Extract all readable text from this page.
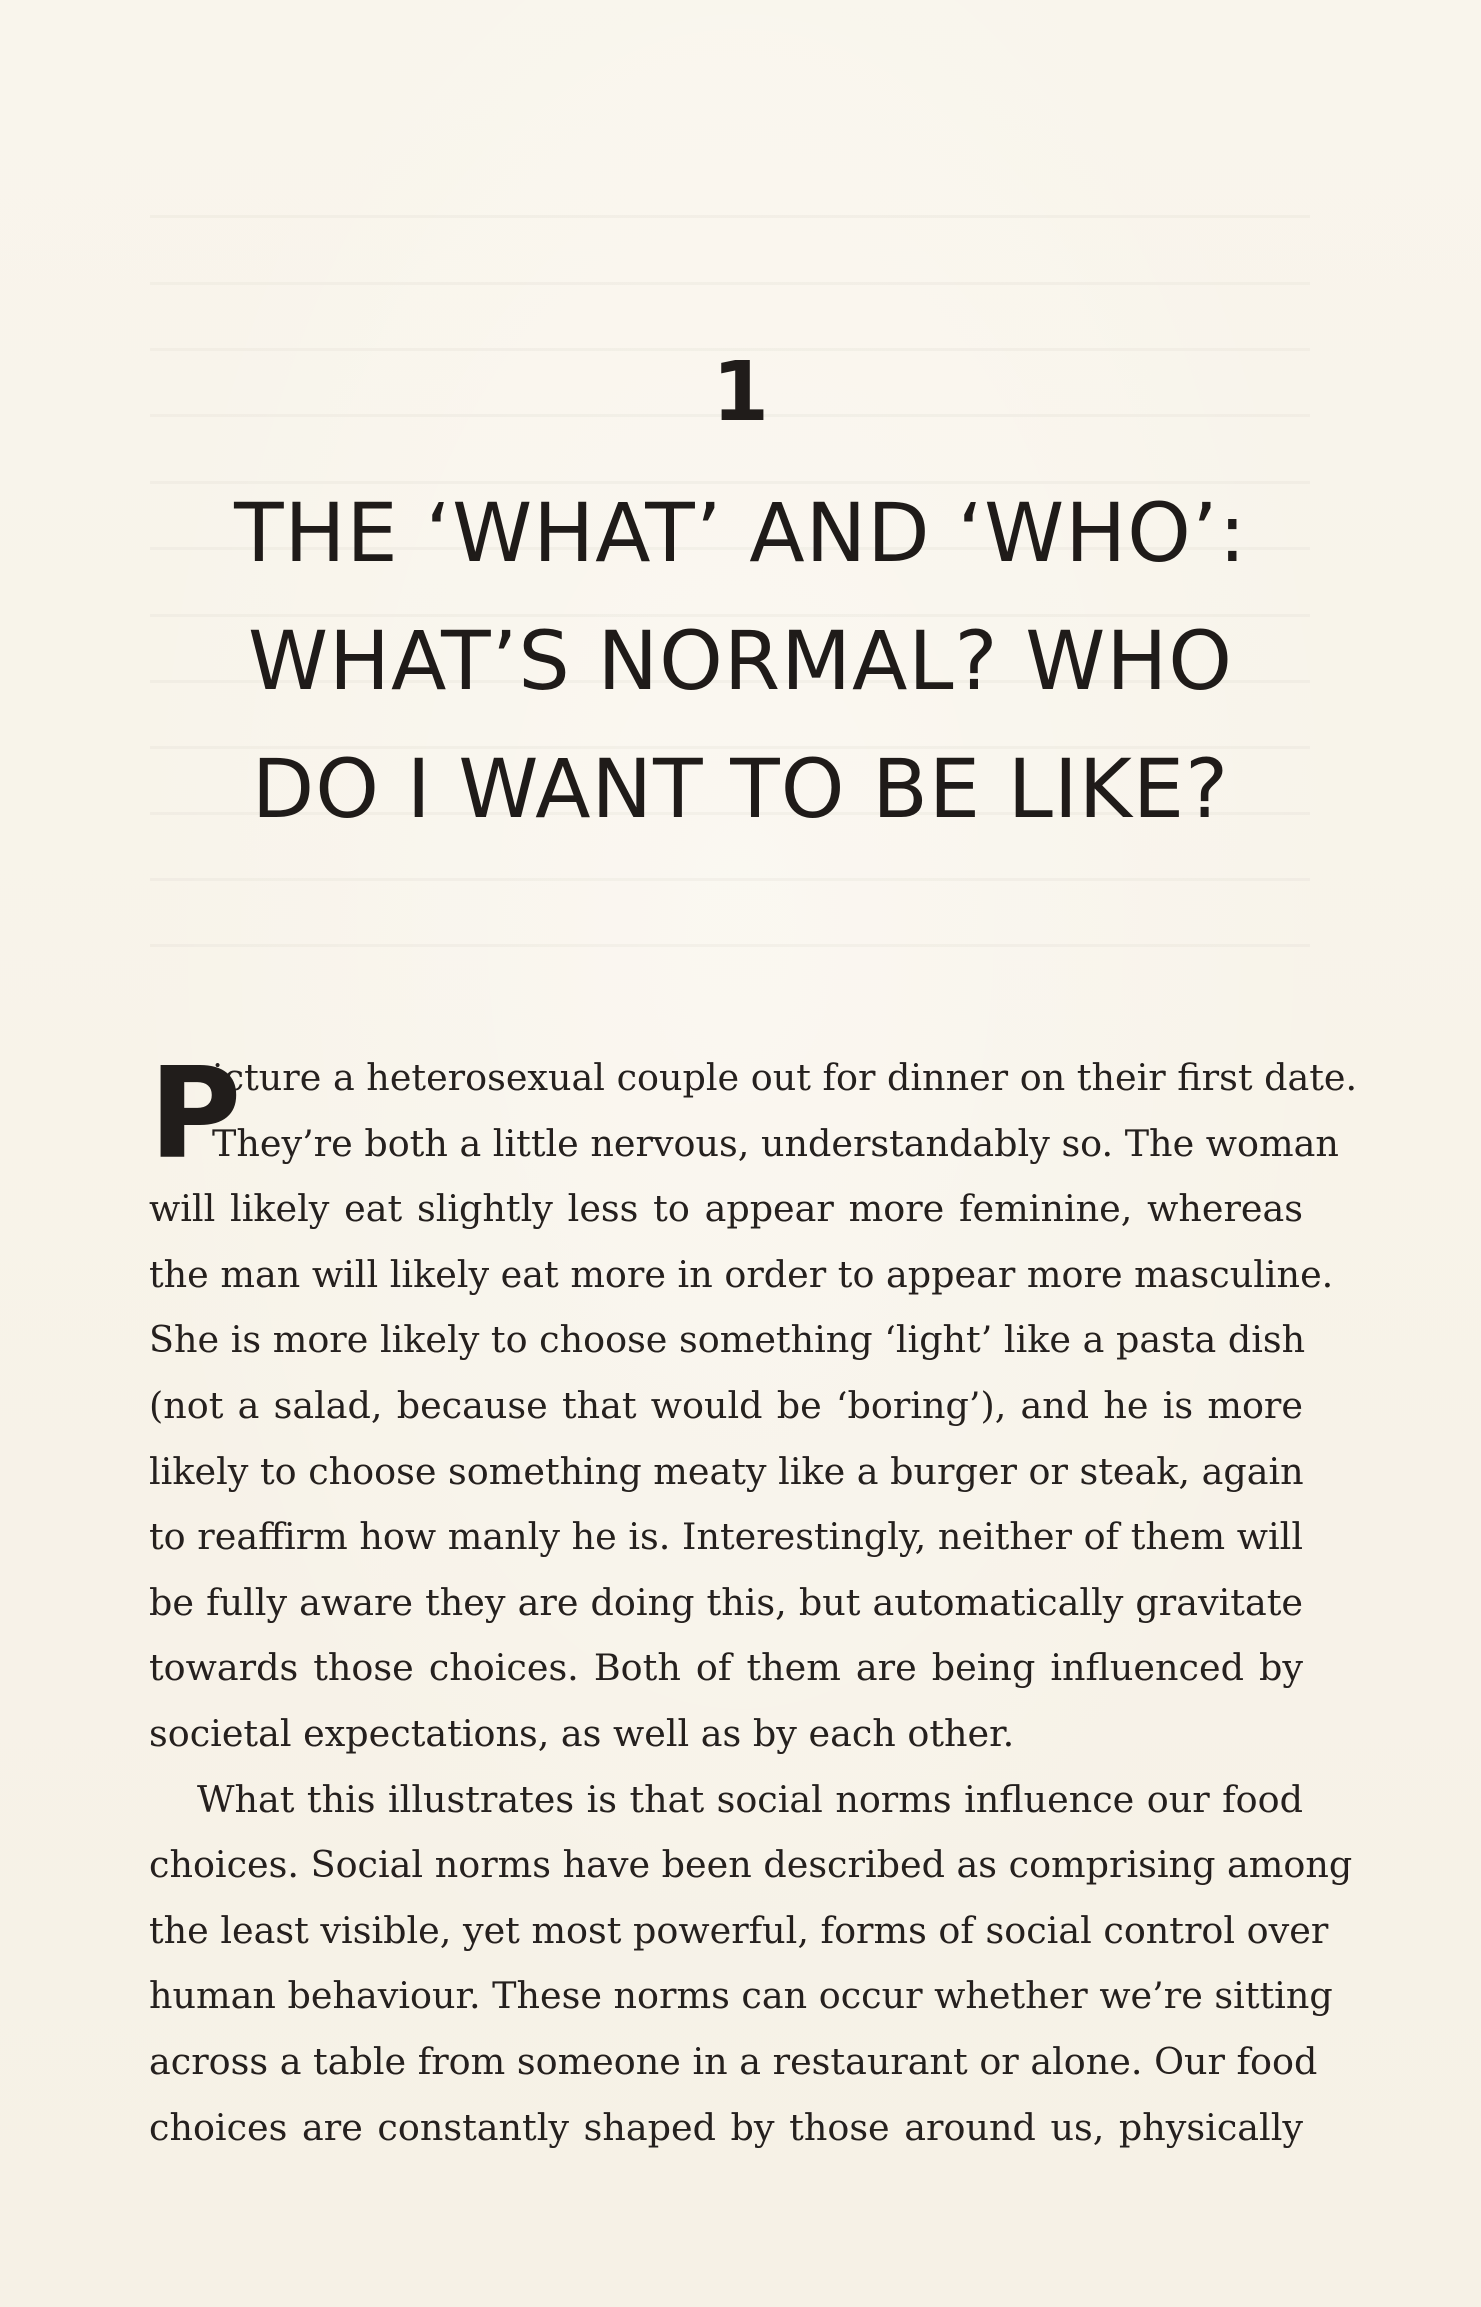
1
THE ‘WHAT’ AND ‘WHO’:
WHAT’S NORMAL? WHO
DO I WANT TO BE LIKE?
P
icture a heterosexual couple out for dinner on their first date.
They’re both a little nervous, understandably so. The woman
will likely eat slightly less to appear more feminine, whereas
the man will likely eat more in order to appear more masculine.
She is more likely to choose something ‘light’ like a pasta dish
(not a salad, because that would be ‘boring’), and he is more
likely to choose something meaty like a burger or steak, again
to reaffirm how manly he is. Interestingly, neither of them will
be fully aware they are doing this, but automatically gravitate
towards those choices. Both of them are being influenced by
societal expectations, as well as by each other.
What this illustrates is that social norms influence our food
choices. Social norms have been described as comprising among
the least visible, yet most powerful, forms of social control over
human behaviour. These norms can occur whether we’re sitting
across a table from someone in a restaurant or alone. Our food
choices are constantly shaped by those around us, physically
